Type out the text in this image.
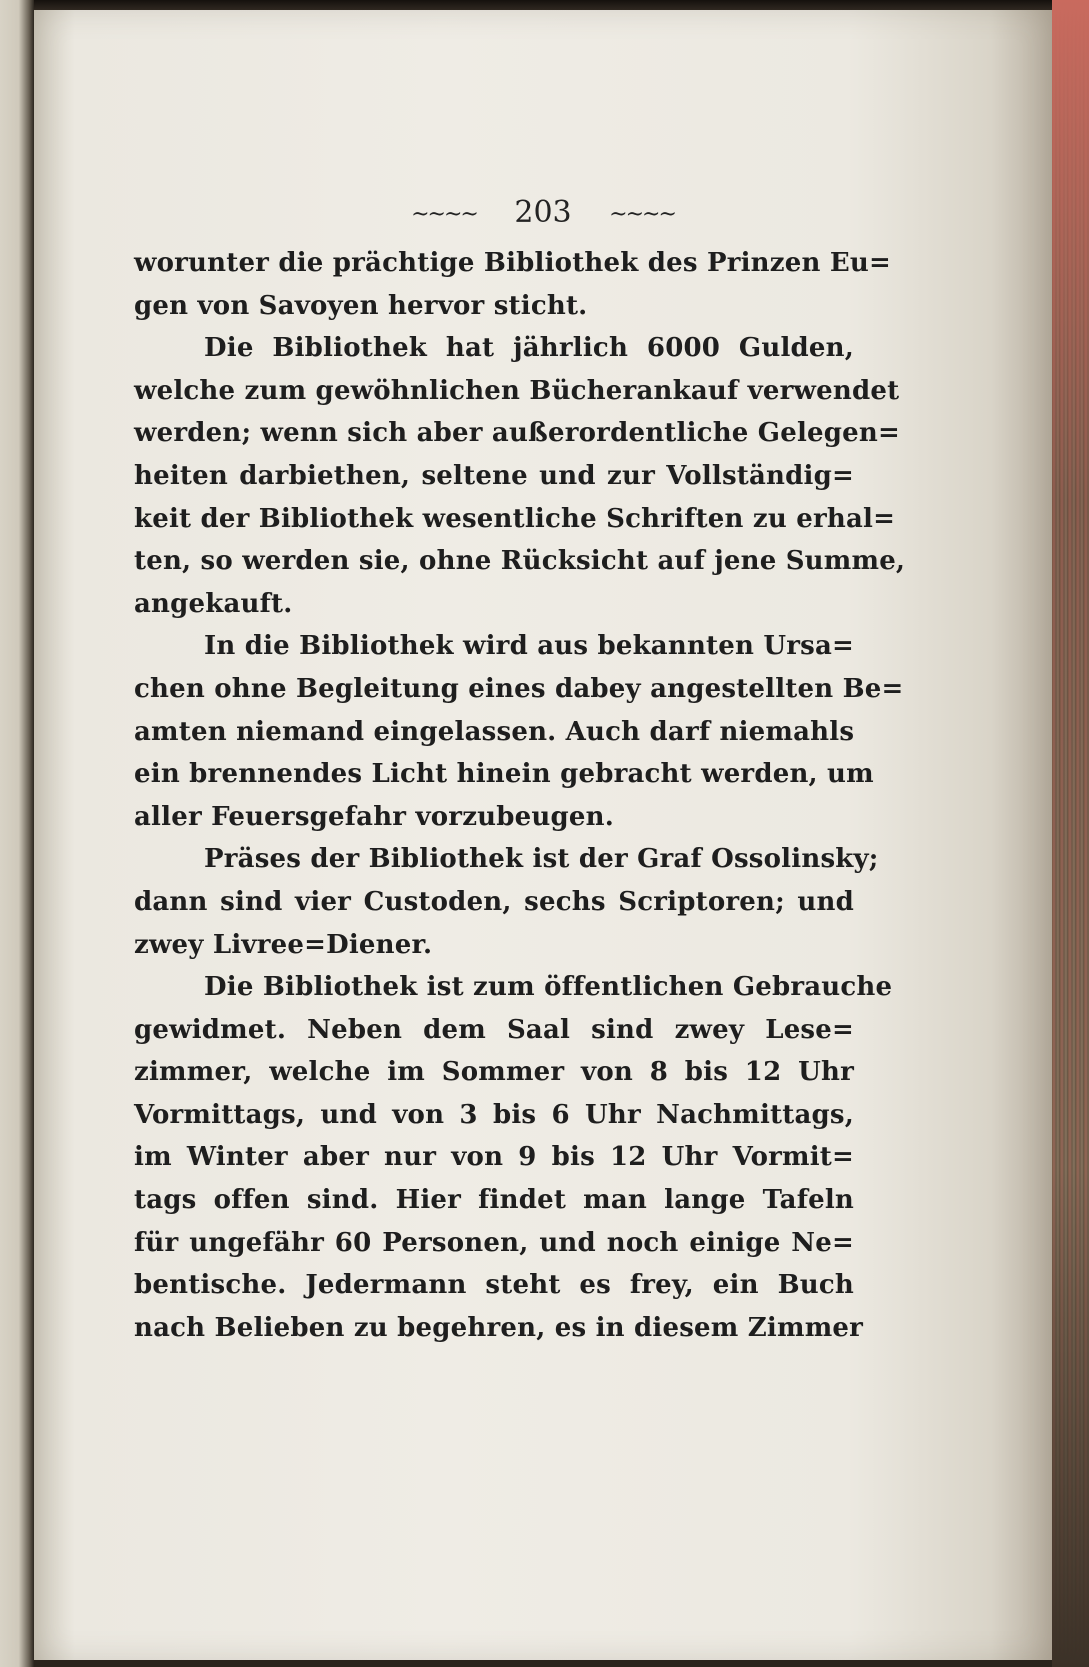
~~~~ 203 ~~~~
worunter die prächtige Bibliothek des Prinzen Eu=
gen von Savoyen hervor sticht.
Die Bibliothek hat jährlich 6000 Gulden,
welche zum gewöhnlichen Bücherankauf verwendet
werden; wenn sich aber außerordentliche Gelegen=
heiten darbiethen, seltene und zur Vollständig=
keit der Bibliothek wesentliche Schriften zu erhal=
ten, so werden sie, ohne Rücksicht auf jene Summe,
angekauft.
In die Bibliothek wird aus bekannten Ursa=
chen ohne Begleitung eines dabey angestellten Be=
amten niemand eingelassen. Auch darf niemahls
ein brennendes Licht hinein gebracht werden, um
aller Feuersgefahr vorzubeugen.
Präses der Bibliothek ist der Graf Ossolinsky;
dann sind vier Custoden, sechs Scriptoren; und
zwey Livree=Diener.
Die Bibliothek ist zum öffentlichen Gebrauche
gewidmet. Neben dem Saal sind zwey Lese=
zimmer, welche im Sommer von 8 bis 12 Uhr
Vormittags, und von 3 bis 6 Uhr Nachmittags,
im Winter aber nur von 9 bis 12 Uhr Vormit=
tags offen sind. Hier findet man lange Tafeln
für ungefähr 60 Personen, und noch einige Ne=
bentische. Jedermann steht es frey, ein Buch
nach Belieben zu begehren, es in diesem Zimmer
